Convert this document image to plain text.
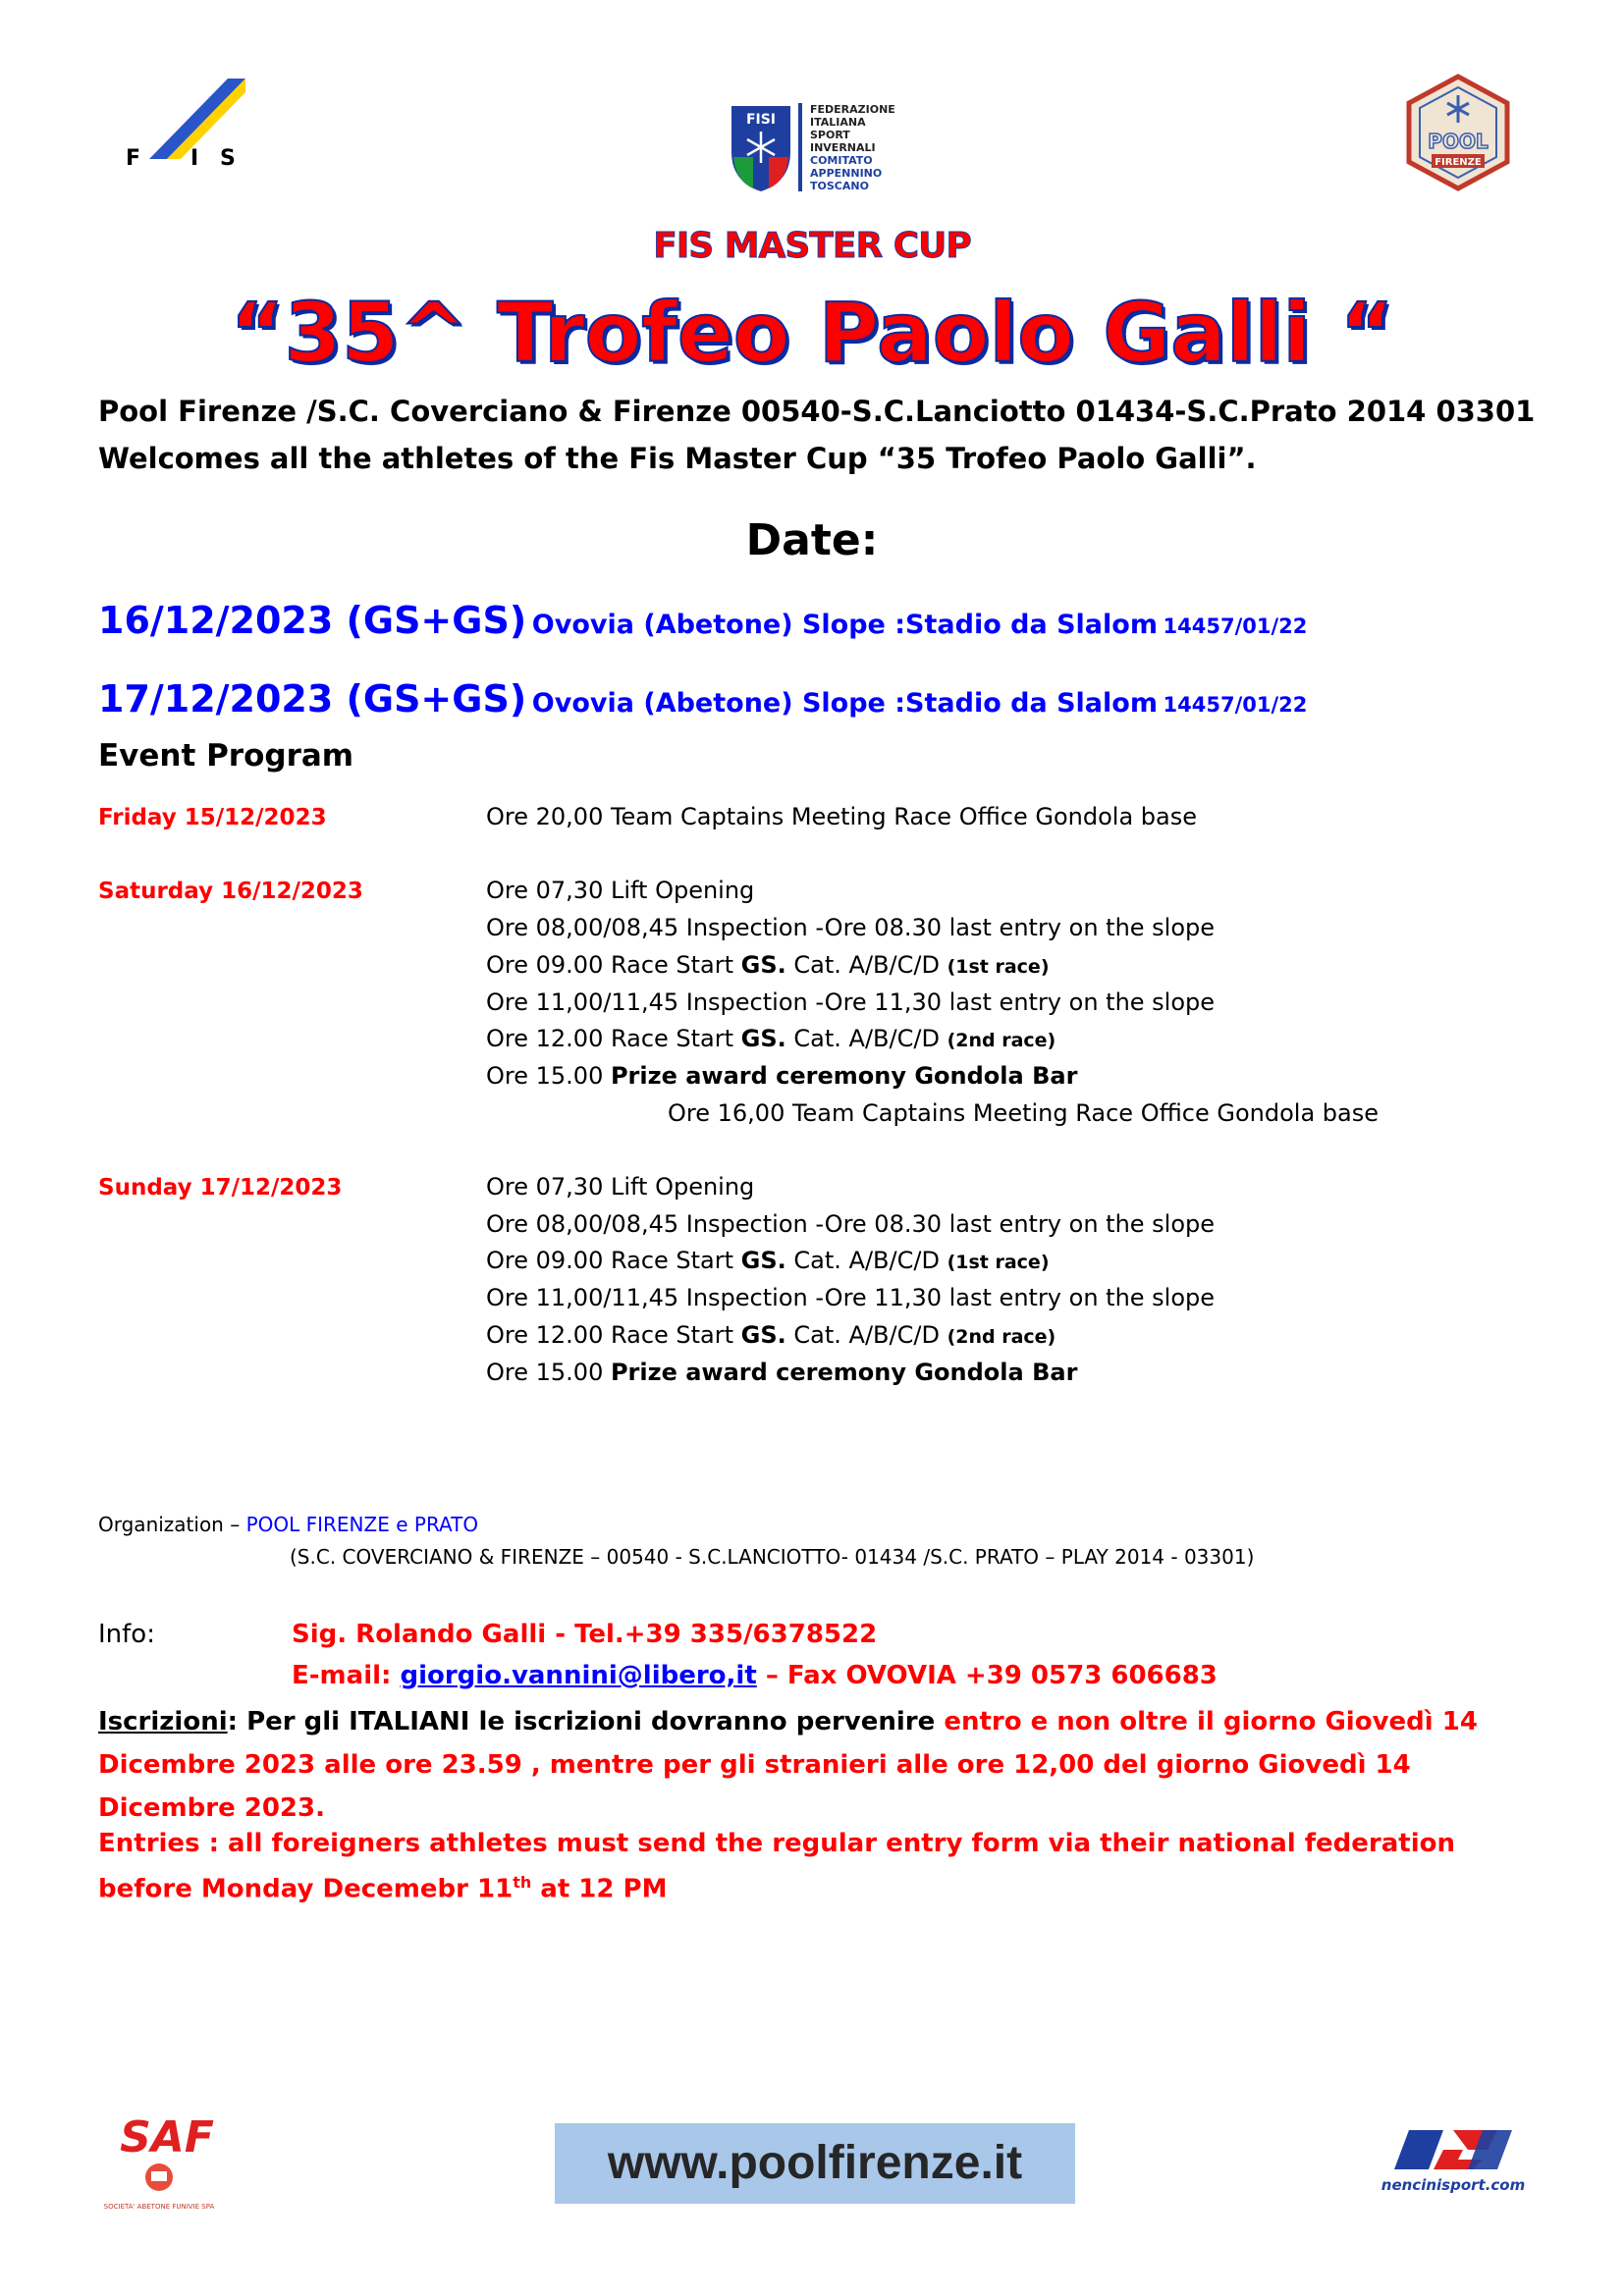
F I S
FISI
FEDERAZIONE
ITALIANA
SPORT
INVERNALI
COMITATO
APPENNINO
TOSCANO
POOL
FIRENZE
FIS MASTER CUP
“35^ Trofeo Paolo Galli “
Pool Firenze /S.C. Coverciano & Firenze 00540-S.C.Lanciotto 01434-S.C.Prato 2014 03301
Welcomes all the athletes of the Fis Master Cup “35 Trofeo Paolo Galli”.
Date:
16/12/2023 (GS+GS) Ovovia (Abetone) Slope :Stadio da Slalom 14457/01/22
17/12/2023 (GS+GS) Ovovia (Abetone) Slope :Stadio da Slalom 14457/01/22
Event Program
Friday 15/12/2023	Ore 20,00 Team Captains Meeting Race Office Gondola base
Saturday 16/12/2023	Ore 07,30 Lift Opening
Ore 08,00/08,45 Inspection -Ore 08.30 last entry on the slope
Ore 09.00 Race Start GS. Cat. A/B/C/D (1st race)
Ore 11,00/11,45 Inspection -Ore 11,30 last entry on the slope
Ore 12.00 Race Start GS. Cat. A/B/C/D (2nd race)
Ore 15.00 Prize award ceremony Gondola Bar
Ore 16,00 Team Captains Meeting Race Office Gondola base
Sunday 17/12/2023	Ore 07,30 Lift Opening
Ore 08,00/08,45 Inspection -Ore 08.30 last entry on the slope
Ore 09.00 Race Start GS. Cat. A/B/C/D (1st race)
Ore 11,00/11,45 Inspection -Ore 11,30 last entry on the slope
Ore 12.00 Race Start GS. Cat. A/B/C/D (2nd race)
Ore 15.00 Prize award ceremony Gondola Bar
Organization – POOL FIRENZE e PRATO
(S.C. COVERCIANO & FIRENZE – 00540 - S.C.LANCIOTTO- 01434 /S.C. PRATO – PLAY 2014 - 03301)
Info:	Sig. Rolando Galli - Tel.+39 335/6378522
E-mail: giorgio.vannini@libero,it – Fax OVOVIA +39 0573 606683
Iscrizioni: Per gli ITALIANI le iscrizioni dovranno pervenire entro e non oltre il giorno Giovedì 14 Dicembre 2023 alle ore 23.59 , mentre per gli stranieri alle ore 12,00 del giorno Giovedì 14 Dicembre 2023.
Entries : all foreigners athletes must send the regular entry form via their national federation before Monday Decemebr 11th at 12 PM
SAF
SOCIETA' ABETONE FUNIVIE SPA
www.poolfirenze.it	nencinisport.com
